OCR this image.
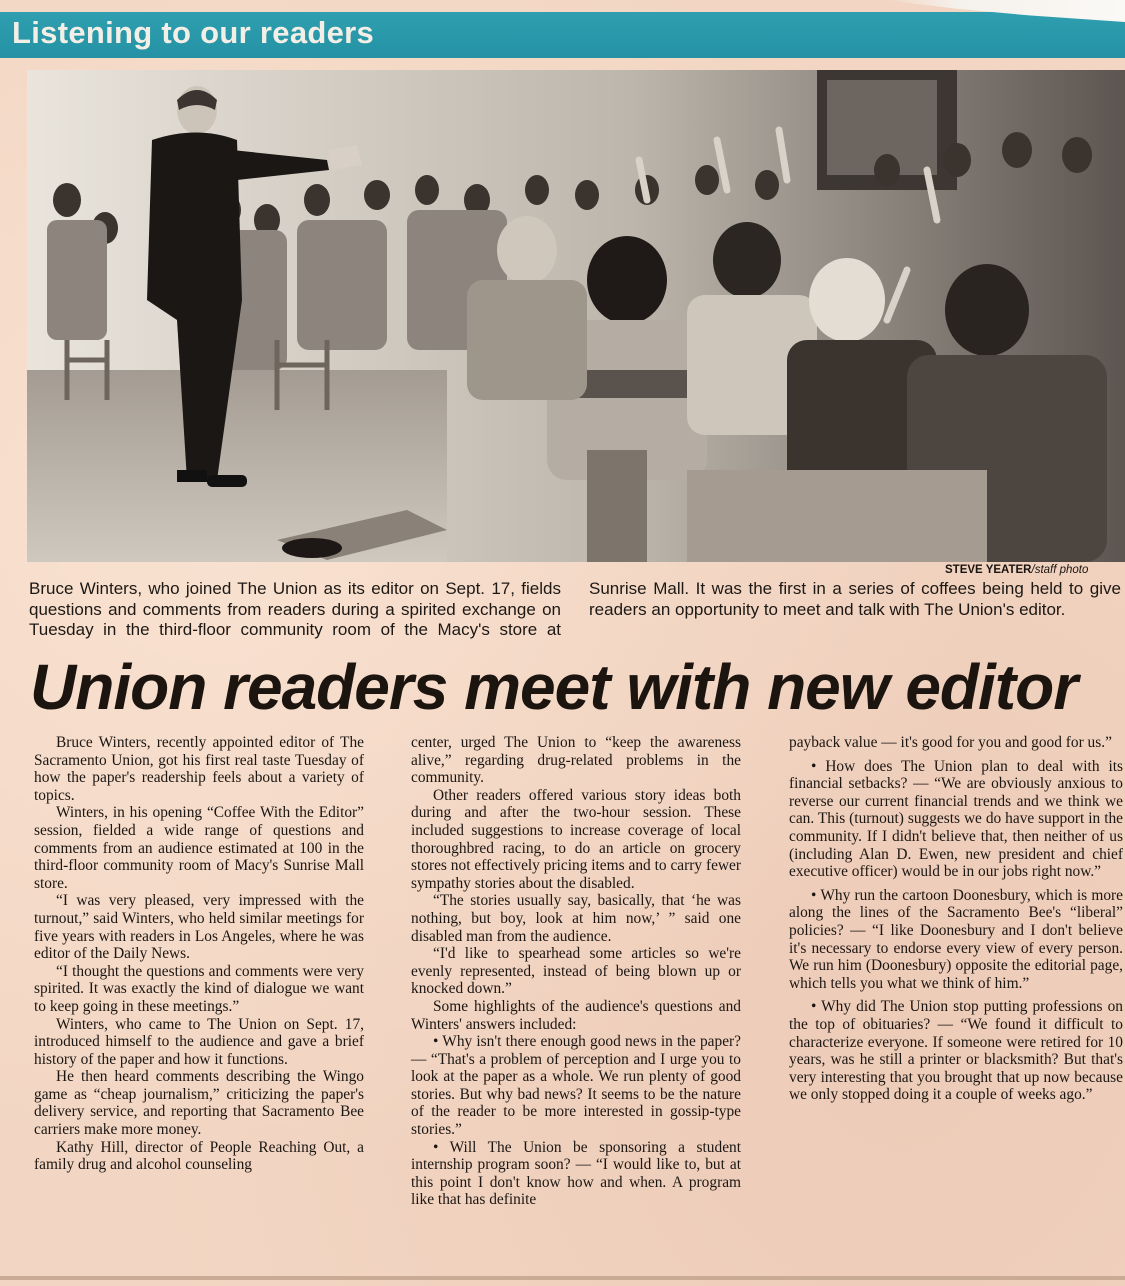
Listening to our readers
STEVE YEATER/staff photo
Bruce Winters, who joined The Union as its editor on Sept. 17, fields questions and comments from readers during a spirited exchange on Tuesday in the third-floor community room of the Macy's store at Sunrise Mall. It was the first in a series of coffees being held to give readers an opportunity to meet and talk with The Union's editor.
Union readers meet with new editor

Bruce Winters, recently appointed editor of The Sacramento Union, got his first real taste Tuesday of how the paper's readership feels about a variety of topics.

Winters, in his opening “Coffee With the Editor” session, fielded a wide range of questions and comments from an audience estimated at 100 in the third-floor community room of Macy's Sunrise Mall store.

“I was very pleased, very impressed with the turnout,” said Winters, who held similar meetings for five years with readers in Los Angeles, where he was editor of the Daily News.

“I thought the questions and comments were very spirited. It was exactly the kind of dialogue we want to keep going in these meetings.”

Winters, who came to The Union on Sept. 17, introduced himself to the audience and gave a brief history of the paper and how it functions.

He then heard comments describing the Wingo game as “cheap journalism,” criticizing the paper's delivery service, and reporting that Sacramento Bee carriers make more money.

Kathy Hill, director of People Reaching Out, a family drug and alcohol counseling

center, urged The Union to “keep the awareness alive,” regarding drug-related problems in the community.

Other readers offered various story ideas both during and after the two-hour session. These included suggestions to increase coverage of local thoroughbred racing, to do an article on grocery stores not effectively pricing items and to carry fewer sympathy stories about the disabled.

“The stories usually say, basically, that ‘he was nothing, but boy, look at him now,’ ” said one disabled man from the audience.

“I'd like to spearhead some articles so we're evenly represented, instead of being blown up or knocked down.”

Some highlights of the audience's questions and Winters' answers included:

• Why isn't there enough good news in the paper? — “That's a problem of perception and I urge you to look at the paper as a whole. We run plenty of good stories. But why bad news? It seems to be the nature of the reader to be more interested in gossip-type stories.”

• Will The Union be sponsoring a student internship program soon? — “I would like to, but at this point I don't know how and when. A program like that has definite

payback value — it's good for you and good for us.”

• How does The Union plan to deal with its financial setbacks? — “We are obviously anxious to reverse our current financial trends and we think we can. This (turnout) suggests we do have support in the community. If I didn't believe that, then neither of us (including Alan D. Ewen, new president and chief executive officer) would be in our jobs right now.”

• Why run the cartoon Doonesbury, which is more along the lines of the Sacramento Bee's “liberal” policies? — “I like Doonesbury and I don't believe it's necessary to endorse every view of every person. We run him (Doonesbury) opposite the editorial page, which tells you what we think of him.”

• Why did The Union stop putting professions on the top of obituaries? — “We found it difficult to characterize everyone. If someone were retired for 10 years, was he still a printer or blacksmith? But that's very interesting that you brought that up now because we only stopped doing it a couple of weeks ago.”
